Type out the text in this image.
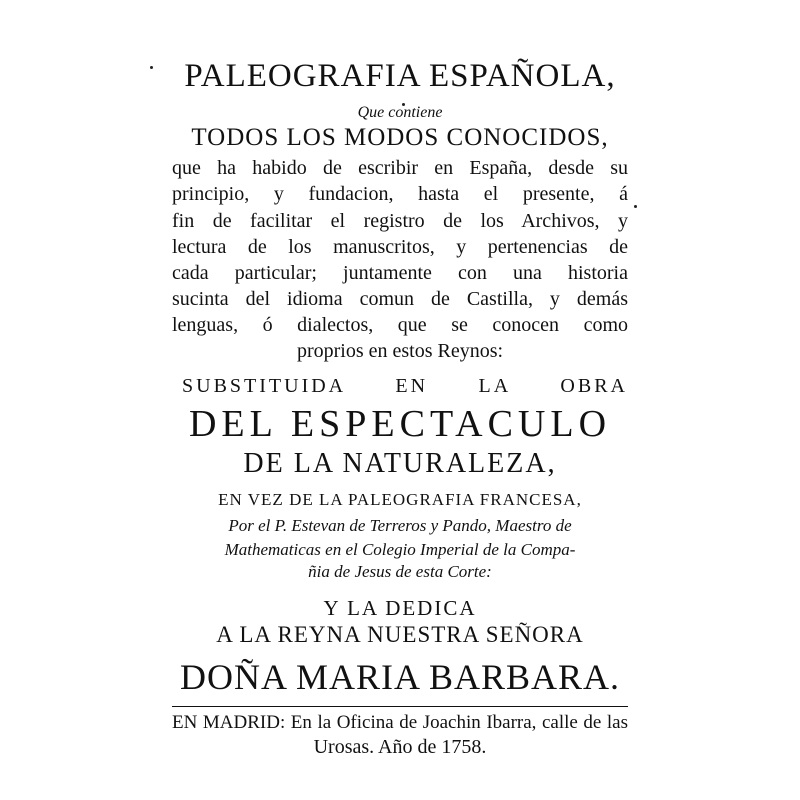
PALEOGRAFIA ESPAÑOLA,
Que contiene
TODOS LOS MODOS CONOCIDOS,
que ha habido de escribir en España, desde su
principio, y fundacion, hasta el presente, á
fin de facilitar el registro de los Archivos, y
lectura de los manuscritos, y pertenencias de
cada particular; juntamente con una historia
sucinta del idioma comun de Castilla, y demás
lenguas, ó dialectos, que se conocen como
proprios en estos Reynos:
SUBSTITUIDA EN LA OBRA
DEL ESPECTACULO
DE LA NATURALEZA,
EN VEZ DE LA PALEOGRAFIA FRANCESA,
Por el P. Estevan de Terreros y Pando, Maestro de
Mathematicas en el Colegio Imperial de la Compa-
ñia de Jesus de esta Corte:
Y LA DEDICA
A LA REYNA NUESTRA SEÑORA
DOÑA MARIA BARBARA.
EN MADRID: En la Oficina de Joachin Ibarra, calle de las
Urosas. Año de 1758.
